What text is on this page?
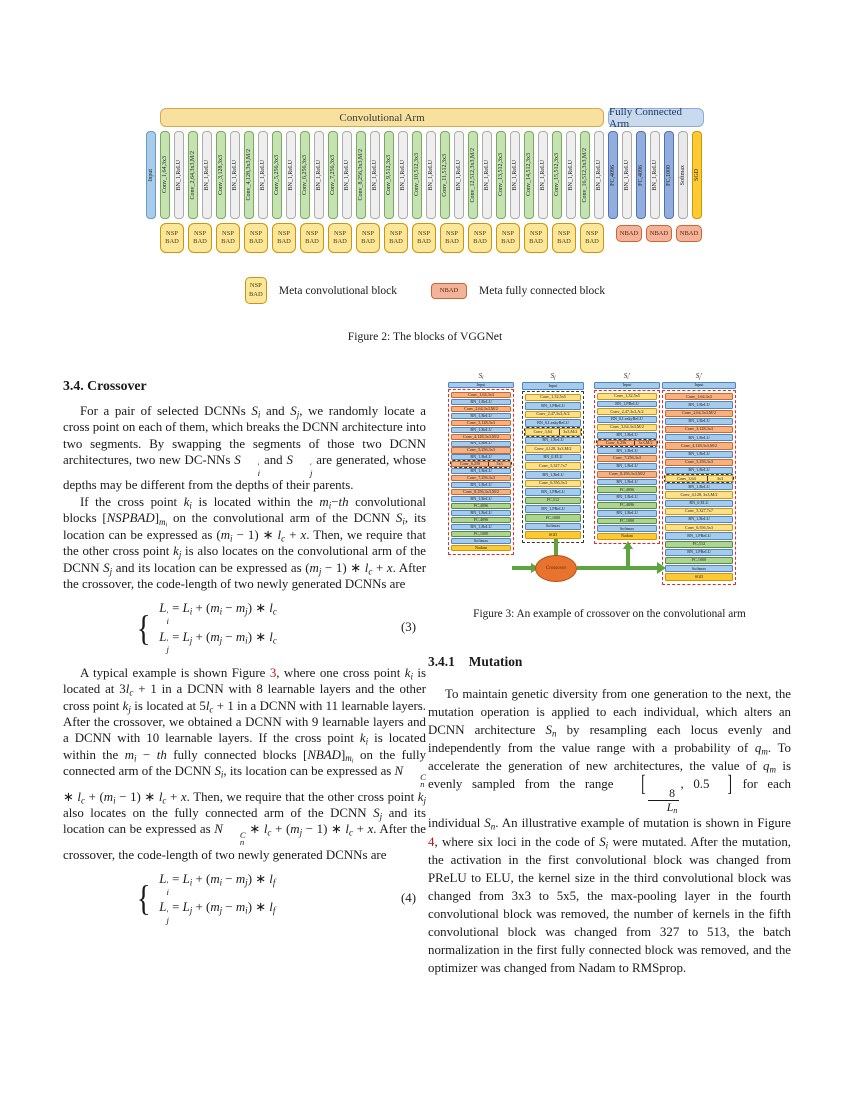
Input
Convolutional Arm
Conv_1,64,3x3 BN_1,ReLU Conv_2,64,3x3,M/2 BN_1,ReLU Conv_3,128,3x3 BN_1,ReLU Conv_4,128,3x3,M/2 BN_1,ReLU Conv_5,256,3x3 BN_1,ReLU Conv_6,256,3x3 BN_1,ReLU Conv_7,256,3x3 BN_1,ReLU Conv_8,256,3x3,M/2 BN_1,ReLU Conv_9,512,3x3 BN_1,ReLU Conv_10,512,3x3 BN_1,ReLU Conv_11,512,3x3 BN_1,ReLU Conv_12,512,3x3,M/2 BN_1,ReLU Conv_13,512,3x3 BN_1,ReLU Conv_14,512,3x3 BN_1,ReLU Conv_15,512,3x3 BN_1,ReLU Conv_16,512,3x3,M/2 BN_1,ReLU
Fully Connected Arm
FC,4096 BN_1,ReLU FC,4096 BN_1,ReLU FC,1000 Softmax SGD
NSP
BAD
NSP
BAD
NSP
BAD
NSP
BAD
NSP
BAD
NSP
BAD
NSP
BAD
NSP
BAD
NSP
BAD
NSP
BAD
NSP
BAD
NSP
BAD
NSP
BAD
NSP
BAD
NSP
BAD
NSP
BAD
NBAD	NBAD	NBAD
NSP
BAD Meta convolutional block	NBAD	Meta fully connected block
Figure 2: The blocks of VGGNet
3.4. Crossover

For a pair of selected DCNNs $S_i$ and $S_j$, we randomly locate a cross point on each of them, which breaks the DCNN architecture into two segments. By swapping the segments of those two DCNN architectures, two new DC-NNs S	′
i
and S	′
j
are generated, whose depths may be different from the depths of their parents.

If the cross point $k_i$ is located within the $m_i-th$ convolutional blocks $[NSPBAD]_{m_i}$ on the convolutional arm of the DCNN $S_i$, its location can be expressed as $(m_i - 1)$ ∗ $l_c + x$. Then, we require that the other cross point $k_j$ is also locates on the convolutional arm of the DCNN $S_j$ and its location can be expressed as $(m_j - 1)$ ∗ $l_c + x$. After the crossover, the code-length of two newly generated DCNNs are

{ L ′
i
= $L_i + (m_i - m_j)$ ∗ $l_c$
L ′
j
= $L_j + (m_j - m_i)$ ∗ $l_c$
(3)

A typical example is shown Figure 3, where one cross point $k_i$ is located at $3l_c + 1$ in a DCNN with 8 learnable layers and the other cross point $k_j$ is located at $5l_c + 1$ in a DCNN with 11 learnable layers. After the crossover, we obtained a DCNN with 9 learnable layers and a DCNN with 10 learnable layers. If the cross point $k_i$ is located within the $m_i$ − th fully connected blocks $[NBAD]_{m_i}$ on the fully connected arm of the DCNN $S_i$, its location can be expressed as N	C
n
∗ $l_c + (m_i - 1)$ ∗ $l_c + x$. Then, we require that the other cross point $k_j$ also locates on the fully connected arm of the DCNN $S_j$ and its location can be expressed as N	C
n
∗ $l_c + (m_j - 1)$ ∗ $l_c + x$. After the crossover, the code-length of two newly generated DCNNs are

{ L ′
i
= $L_i + (m_i - m_j)$ ∗ $l_f$
L ′
j
= $L_j + (m_j - m_i)$ ∗ $l_f$
(4)
$S_i$
Input
Conv_1,64,3x3
BN_1,ReLU
Conv_2,64,3x3,M/2
BN_1,ReLU
Conv_3,128,3x3
BN_1,ReLU
Conv_4,128,3x3,M/2
BN_1,ReLU
Conv_5,256,3x3
BN_1,ReLU
Conv_6,256	3x3
BN_1,ReLU
Conv_7,256,3x3
BN_1,ReLU
Conv_8,256,3x3,M/2
BN_1,ReLU
FC,4096
BN_1,ReLU
FC,4096
BN_1,ReLU
FC,1000
Softmax
Nadam
$S_j$
Input
Conv_1,32,5x5
BN_1,PReLU
Conv_2,47,3x3,A/2
BN_0,LeakyReLU
Conv_3,64	3x3,M/2
BN_1,ReLU
Conv_4,128, 3x3,M/2
BN_0,ELU
Conv_5,327,7x7
BN_1,ReLU
Conv_6,556,3x3
BN_1,PReLU
FC,512
BN_1,PReLU
FC,1000
Softmax
SGD
$S_i'$
Input
Conv_1,32,5x5
BN_1,PReLU
Conv_2,47,3x3,A/2
BN_0,LeakyReLU
Conv_3,64,3x3,M/2
BN_1,ReLU
Conv_6,256	3x3,M/2
BN_1,ReLU
Conv_7,256,3x3
BN_1,ReLU
Conv_8,256,3x3,M/2
BN_1,ReLU
FC,4096
BN_1,ReLU
FC,4096
BN_1,ReLU
FC,1000
Softmax
Nadam
$S_j'$
Input
Conv_1,64,3x3
BN_1,ReLU
Conv_2,64,3x3,M/2
BN_1,ReLU
Conv_3,128,3x3
BN_1,ReLU
Conv_4,128,3x3,M/2
BN_1,ReLU
Conv_5,256,3x3
BN_1,ReLU
Conv_3,64	3x3
BN_1,ReLU
Conv_4,128, 3x3,M/2
BN_0,ELU
Conv_5,327,7x7
BN_1,ReLU
Conv_6,556,3x3
BN_1,PReLU
FC,512
BN_1,PReLU
FC,1000
Softmax
SGD
Crossover
Figure 3: An example of crossover on the convolutional arm
3.4.1 Mutation

To maintain genetic diversity from one generation to the next, the mutation operation is applied to each individual, which alters an DCNN architecture $S_n$ by resampling each locus evenly and independently from the value range with a probability of $q_m$. To accelerate the generation of new architectures, the value of $q_m$ is evenly sampled from the range [
$\frac{8}{L_n}$
, 0.5 ] for each individual $S_n$. An illustrative example of mutation is shown in Figure 4, where six loci in the code of $S_i$ were mutated. After the mutation, the activation in the first convolutional block was changed from PReLU to ELU, the kernel size in the third convolutional block was changed from 3x3 to 5x5, the max-pooling layer in the fourth convolutional block was removed, the number of kernels in the fifth convolutional block was changed from 327 to 513, the batch normalization in the first fully connected block was removed, and the optimizer was changed from Nadam to RMSprop.
